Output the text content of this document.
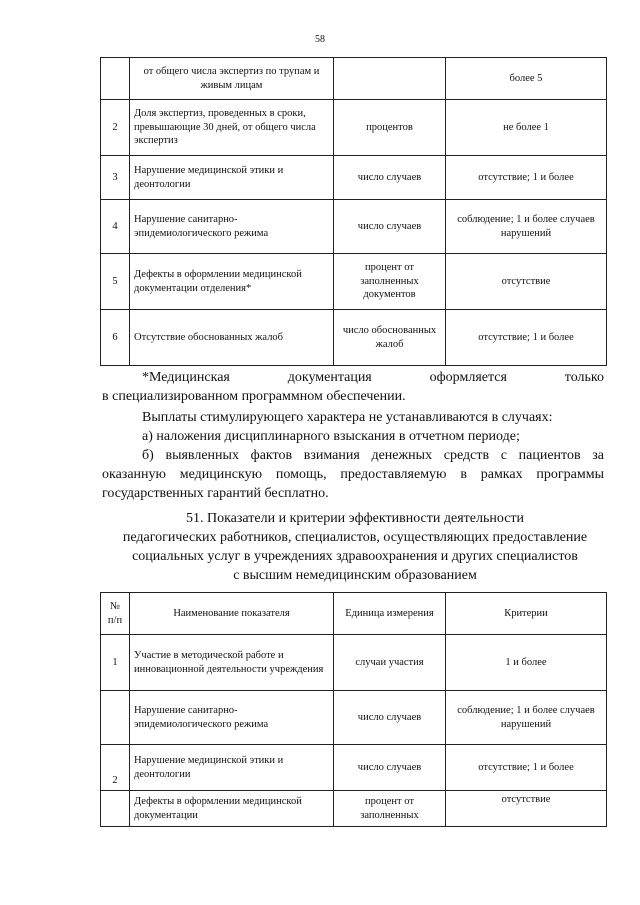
58
	от общего числа экспертиз по трупам и живым лицам		более 5
2	Доля экспертиз, проведенных в сроки, превышающие 30 дней, от общего числа экспертиз	процентов	не более 1
3	Нарушение медицинской этики и деонтологии	число случаев	отсутствие; 1 и более
4	Нарушение санитарно-эпидемиологического режима	число случаев	соблюдение; 1 и более случаев нарушений
5	Дефекты в оформлении медицинской документации отделения*	процент от заполненных документов	отсутствие
6	Отсутствие обоснованных жалоб	число обоснованных жалоб	отсутствие; 1 и более
*Медицинская документация оформляется только
в специализированном программном обеспечении.
Выплаты стимулирующего характера не устанавливаются в случаях:
а) наложения дисциплинарного взыскания в отчетном периоде;
б) выявленных фактов взимания денежных средств с пациентов за оказанную медицинскую помощь, предоставляемую в рамках программы государственных гарантий бесплатно.
51. Показатели и критерии эффективности деятельности
педагогических работников, специалистов, осуществляющих предоставление
социальных услуг в учреждениях здравоохранения и других специалистов
с высшим немедицинским образованием
№ п/п	Наименование показателя	Единица измерения	Критерии
1	Участие в методической работе и инновационной деятельности учреждения	случаи участия	1 и более
	Нарушение санитарно-эпидемиологического режима	число случаев	соблюдение; 1 и более случаев нарушений
2	Нарушение медицинской этики и деонтологии	число случаев	отсутствие; 1 и более
	Дефекты в оформлении медицинской документации	процент от заполненных	отсутствие
